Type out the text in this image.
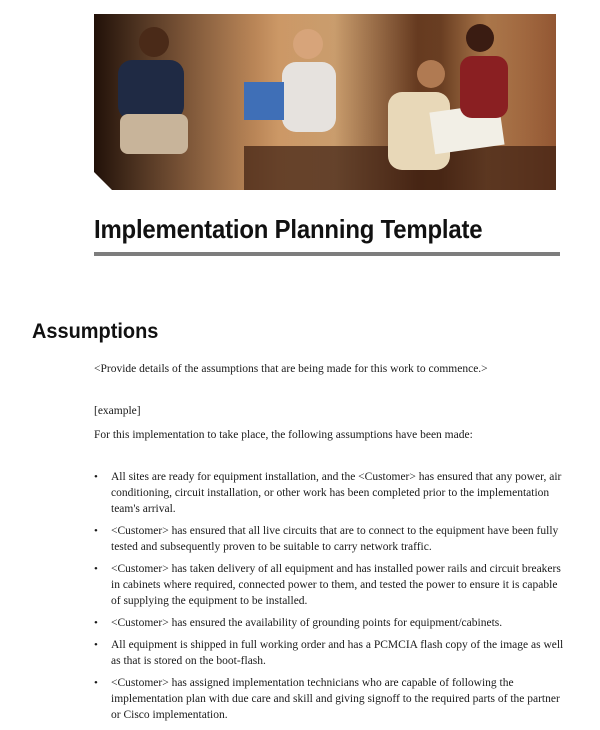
Implementation Planning Template
Assumptions
<Provide details of the assumptions that are being made for this work to commence.>
[example]
For this implementation to take place, the following assumptions have been made:
• All sites are ready for equipment installation, and the <Customer> has ensured that any power, air conditioning, circuit installation, or other work has been completed prior to the implementation team's arrival.
• <Customer> has ensured that all live circuits that are to connect to the equipment have been fully tested and subsequently proven to be suitable to carry network traffic.
• <Customer> has taken delivery of all equipment and has installed power rails and circuit breakers in cabinets where required, connected power to them, and tested the power to ensure it is capable of supplying the equipment to be installed.
• <Customer> has ensured the availability of grounding points for equipment/cabinets.
• All equipment is shipped in full working order and has a PCMCIA flash copy of the image as well as that is stored on the boot-flash.
• <Customer> has assigned implementation technicians who are capable of following the implementation plan with due care and skill and giving signoff to the required parts of the partner or Cisco implementation.
